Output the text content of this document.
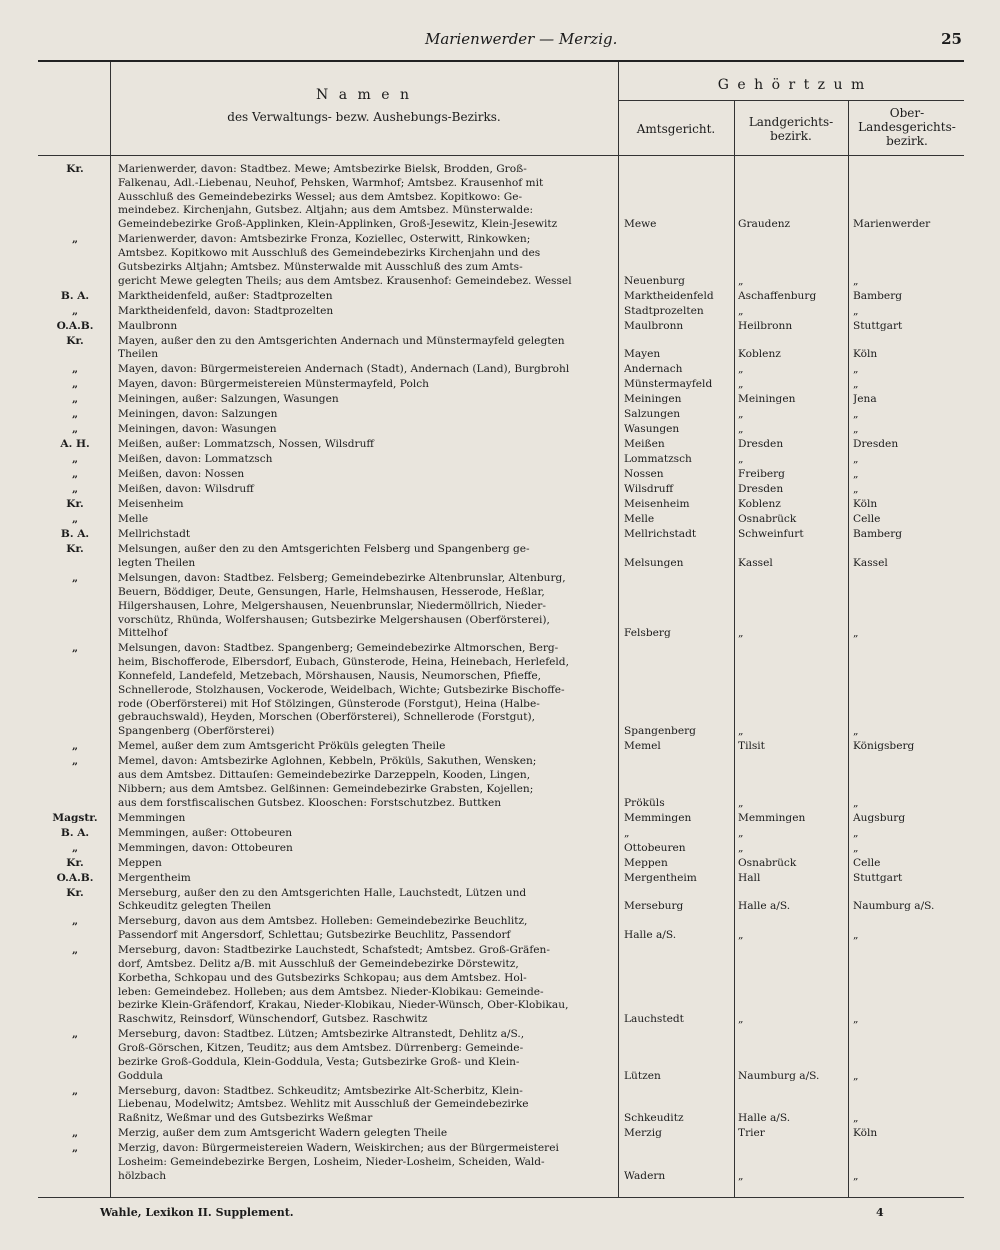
Marienwerder — Merzig.	25
N a m e n
des Verwaltungs- bezw. Aushebungs-Bezirks.
G e h ö r t z u m
Amtsgericht.	Landgerichts-
bezirk.
Ober-
Landesgerichts-
bezirk.
Kr.	Marienwerder, davon: Stadtbez. Mewe; Amtsbezirke Bielsk, Brodden, Groß-
Falkenau, Adl.-Liebenau, Neuhof, Pehsken, Warmhof; Amtsbez. Krausenhof mit
Ausschluß des Gemeindebezirks Wessel; aus dem Amtsbez. Kopitkowo: Ge-
meindebez. Kirchenjahn, Gutsbez. Altjahn; aus dem Amtsbez. Münsterwalde:
Gemeindebezirke Groß-Applinken, Klein-Applinken, Groß-Jesewitz, Klein-Jesewitz	Mewe	Graudenz	Marienwerder
„	Marienwerder, davon: Amtsbezirke Fronza, Koziellec, Osterwitt, Rinkowken;
Amtsbez. Kopitkowo mit Ausschluß des Gemeindebezirks Kirchenjahn und des
Gutsbezirks Altjahn; Amtsbez. Münsterwalde mit Ausschluß des zum Amts-
gericht Mewe gelegten Theils; aus dem Amtsbez. Krausenhof: Gemeindebez. Wessel	Neuenburg	„	„
B. A.	Marktheidenfeld, außer: Stadtprozelten	Marktheidenfeld	Aschaffenburg	Bamberg
„	Marktheidenfeld, davon: Stadtprozelten	Stadtprozelten	„	„
O.A.B.	Maulbronn	Maulbronn	Heilbronn	Stuttgart
Kr.	Mayen, außer den zu den Amtsgerichten Andernach und Münstermayfeld gelegten
Theilen	Mayen	Koblenz	Köln
„	Mayen, davon: Bürgermeistereien Andernach (Stadt), Andernach (Land), Burgbrohl	Andernach	„	„
„	Mayen, davon: Bürgermeistereien Münstermayfeld, Polch	Münstermayfeld	„	„
„	Meiningen, außer: Salzungen, Wasungen	Meiningen	Meiningen	Jena
„	Meiningen, davon: Salzungen	Salzungen	„	„
„	Meiningen, davon: Wasungen	Wasungen	„	„
A. H.	Meißen, außer: Lommatzsch, Nossen, Wilsdruff	Meißen	Dresden	Dresden
„	Meißen, davon: Lommatzsch	Lommatzsch	„	„
„	Meißen, davon: Nossen	Nossen	Freiberg	„
„	Meißen, davon: Wilsdruff	Wilsdruff	Dresden	„
Kr.	Meisenheim	Meisenheim	Koblenz	Köln
„	Melle	Melle	Osnabrück	Celle
B. A.	Mellrichstadt	Mellrichstadt	Schweinfurt	Bamberg
Kr.	Melsungen, außer den zu den Amtsgerichten Felsberg und Spangenberg ge-
legten Theilen	Melsungen	Kassel	Kassel
„	Melsungen, davon: Stadtbez. Felsberg; Gemeindebezirke Altenbrunslar, Altenburg,
Beuern, Böddiger, Deute, Gensungen, Harle, Helmshausen, Hesserode, Heßlar,
Hilgershausen, Lohre, Melgershausen, Neuenbrunslar, Niedermöllrich, Nieder-
vorschütz, Rhünda, Wolfershausen; Gutsbezirke Melgershausen (Oberförsterei),
Mittelhof	Felsberg	„	„
„	Melsungen, davon: Stadtbez. Spangenberg; Gemeindebezirke Altmorschen, Berg-
heim, Bischofferode, Elbersdorf, Eubach, Günsterode, Heina, Heinebach, Herlefeld,
Konnefeld, Landefeld, Metzebach, Mörshausen, Nausis, Neumorschen, Pfieffe,
Schnellerode, Stolzhausen, Vockerode, Weidelbach, Wichte; Gutsbezirke Bischoffe-
rode (Oberförsterei) mit Hof Stölzingen, Günsterode (Forstgut), Heina (Halbe-
gebrauchswald), Heyden, Morschen (Oberförsterei), Schnellerode (Forstgut),
Spangenberg (Oberförsterei)	Spangenberg	„	„
„	Memel, außer dem zum Amtsgericht Pröküls gelegten Theile	Memel	Tilsit	Königsberg
„	Memel, davon: Amtsbezirke Aglohnen, Kebbeln, Pröküls, Sakuthen, Wensken;
aus dem Amtsbez. Dittauſen: Gemeindebezirke Darzeppeln, Kooden, Lingen,
Nibbern; aus dem Amtsbez. Gelßinnen: Gemeindebezirke Grabsten, Kojellen;
aus dem forstfiscalischen Gutsbez. Klooschen: Forstschutzbez. Buttken	Pröküls	„	„
Magstr.	Memmingen	Memmingen	Memmingen	Augsburg
B. A.	Memmingen, außer: Ottobeuren	„	„	„
„	Memmingen, davon: Ottobeuren	Ottobeuren	„	„
Kr.	Meppen	Meppen	Osnabrück	Celle
O.A.B.	Mergentheim	Mergentheim	Hall	Stuttgart
Kr.	Merseburg, außer den zu den Amtsgerichten Halle, Lauchstedt, Lützen und
Schkeuditz gelegten Theilen	Merseburg	Halle a/S.	Naumburg a/S.
„	Merseburg, davon aus dem Amtsbez. Holleben: Gemeindebezirke Beuchlitz,
Passendorf mit Angersdorf, Schlettau; Gutsbezirke Beuchlitz, Passendorf	Halle a/S.	„	„
„	Merseburg, davon: Stadtbezirke Lauchstedt, Schafstedt; Amtsbez. Groß-Gräfen-
dorf, Amtsbez. Delitz a/B. mit Ausschluß der Gemeindebezirke Dörstewitz,
Korbetha, Schkopau und des Gutsbezirks Schkopau; aus dem Amtsbez. Hol-
leben: Gemeindebez. Holleben; aus dem Amtsbez. Nieder-Klobikau: Gemeinde-
bezirke Klein-Gräfendorf, Krakau, Nieder-Klobikau, Nieder-Wünsch, Ober-Klobikau,
Raschwitz, Reinsdorf, Wünschendorf, Gutsbez. Raschwitz	Lauchstedt	„	„
„	Merseburg, davon: Stadtbez. Lützen; Amtsbezirke Altranstedt, Dehlitz a/S.,
Groß-Görschen, Kitzen, Teuditz; aus dem Amtsbez. Dürrenberg: Gemeinde-
bezirke Groß-Goddula, Klein-Goddula, Vesta; Gutsbezirke Groß- und Klein-
Goddula	Lützen	Naumburg a/S.	„
„	Merseburg, davon: Stadtbez. Schkeuditz; Amtsbezirke Alt-Scherbitz, Klein-
Liebenau, Modelwitz; Amtsbez. Wehlitz mit Ausschluß der Gemeindebezirke
Raßnitz, Weßmar und des Gutsbezirks Weßmar	Schkeuditz	Halle a/S.	„
„	Merzig, außer dem zum Amtsgericht Wadern gelegten Theile	Merzig	Trier	Köln
„	Merzig, davon: Bürgermeistereien Wadern, Weiskirchen; aus der Bürgermeisterei
Losheim: Gemeindebezirke Bergen, Losheim, Nieder-Losheim, Scheiden, Wald-
hölzbach	Wadern	„	„
Wahle, Lexikon II. Supplement.	4
